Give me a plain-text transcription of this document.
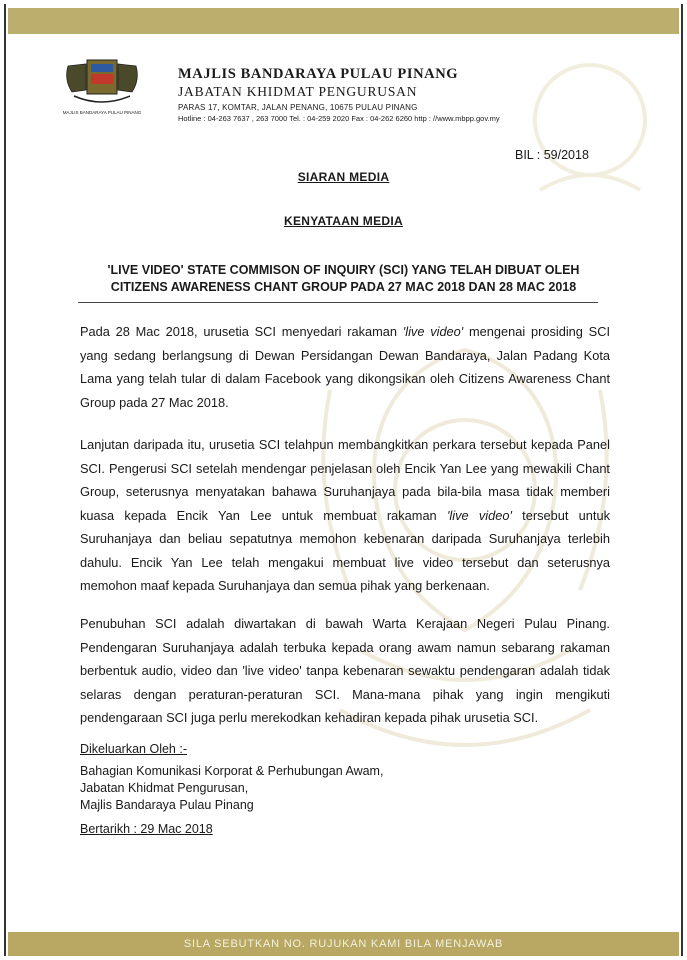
MAJLIS BANDARAYA PULAU PINANG
MAJLIS BANDARAYA PULAU PINANG
JABATAN KHIDMAT PENGURUSAN
PARAS 17, KOMTAR, JALAN PENANG, 10675 PULAU PINANG
Hotline : 04-263 7637 , 263 7000 Tel. : 04-259 2020 Fax : 04-262 6260 http : //www.mbpp.gov.my
BIL : 59/2018
SIARAN MEDIA
KENYATAAN MEDIA
'LIVE VIDEO' STATE COMMISON OF INQUIRY (SCI) YANG TELAH DIBUAT OLEH
CITIZENS AWARENESS CHANT GROUP PADA 27 MAC 2018 DAN 28 MAC 2018
Pada 28 Mac 2018, urusetia SCI menyedari rakaman 'live video' mengenai prosiding SCI yang sedang berlangsung di Dewan Persidangan Dewan Bandaraya, Jalan Padang Kota Lama yang telah tular di dalam Facebook yang dikongsikan oleh Citizens Awareness Chant Group pada 27 Mac 2018.
Lanjutan daripada itu, urusetia SCI telahpun membangkitkan perkara tersebut kepada Panel SCI. Pengerusi SCI setelah mendengar penjelasan oleh Encik Yan Lee yang mewakili Chant Group, seterusnya menyatakan bahawa Suruhanjaya pada bila-bila masa tidak memberi kuasa kepada Encik Yan Lee untuk membuat rakaman 'live video' tersebut untuk Suruhanjaya dan beliau sepatutnya memohon kebenaran daripada Suruhanjaya terlebih dahulu. Encik Yan Lee telah mengakui membuat live video tersebut dan seterusnya memohon maaf kepada Suruhanjaya dan semua pihak yang berkenaan.
Penubuhan SCI adalah diwartakan di bawah Warta Kerajaan Negeri Pulau Pinang. Pendengaran Suruhanjaya adalah terbuka kepada orang awam namun sebarang rakaman berbentuk audio, video dan 'live video' tanpa kebenaran sewaktu pendengaran adalah tidak selaras dengan peraturan-peraturan SCI. Mana-mana pihak yang ingin mengikuti pendengaraan SCI juga perlu merekodkan kehadiran kepada pihak urusetia SCI.
Dikeluarkan Oleh :-
Bahagian Komunikasi Korporat & Perhubungan Awam,
Jabatan Khidmat Pengurusan,
Majlis Bandaraya Pulau Pinang
Bertarikh : 29 Mac 2018
SILA SEBUTKAN NO. RUJUKAN KAMI BILA MENJAWAB
